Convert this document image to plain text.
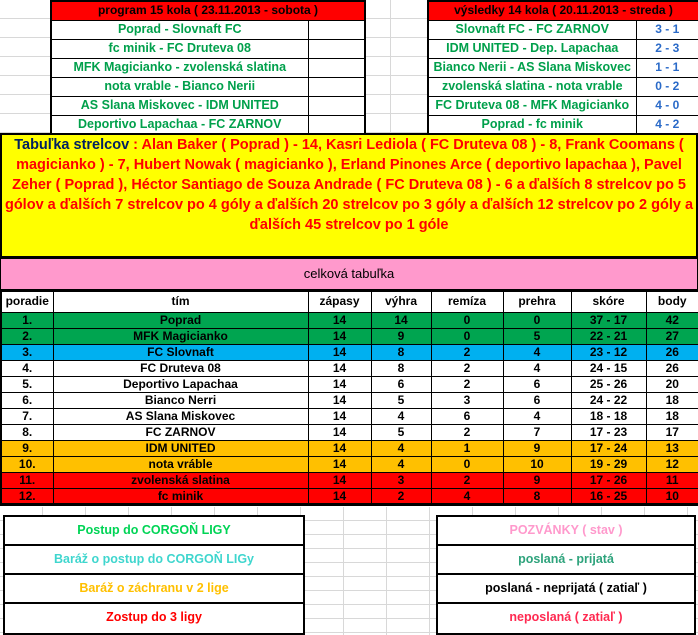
program 15 kola ( 23.11.2013 - sobota )	
Poprad - Slovnaft FC	
fc minik - FC Druteva 08	
MFK Magicianko - zvolenská slatina	
nota vrable - Bianco Nerii	
AS Slana Miskovec - IDM UNITED	
Deportivo Lapachaa - FC ZARNOV	
výsledky 14 kola ( 20.11.2013 - streda )	
Slovnaft FC - FC ZARNOV	3 - 1
IDM UNITED - Dep. Lapachaa	2 - 3
Bianco Nerii - AS Slana Miskovec	1 - 1
zvolenská slatina - nota vrable	0 - 2
FC Druteva 08 - MFK Magicianko	4 - 0
Poprad - fc minik	4 - 2
Tabuľka strelcov : Alan Baker ( Poprad ) - 14, Kasri Lediola ( FC Druteva 08 ) - 8, Frank Coomans ( magicianko ) - 7, Hubert Nowak ( magicianko ), Erland Pinones Arce ( deportivo lapachaa ), Pavel Zeher ( Poprad ), Héctor Santiago de Souza Andrade ( FC Druteva 08 ) - 6 a ďalších 8 strelcov po 5 gólov a ďalších 7 strelcov po 4 góly a ďalších 20 strelcov po 3 góly a ďalších 12 strelcov po 2 góly a ďalších 45 strelcov po 1 góle
celková tabuľka
poradie	tím	zápasy	výhra	remíza	prehra	skóre	body
1.	Poprad	14	14	0	0	37 - 17	42
2.	MFK Magicianko	14	9	0	5	22 - 21	27
3.	FC Slovnaft	14	8	2	4	23 - 12	26
4.	FC Druteva 08	14	8	2	4	24 - 15	26
5.	Deportivo Lapachaa	14	6	2	6	25 - 26	20
6.	Bianco Nerri	14	5	3	6	24 - 22	18
7.	AS Slana Miskovec	14	4	6	4	18 - 18	18
8.	FC ZARNOV	14	5	2	7	17 - 23	17
9.	IDM UNITED	14	4	1	9	17 - 24	13
10.	nota vráble	14	4	0	10	19 - 29	12
11.	zvolenská slatina	14	3	2	9	17 - 26	11
12.	fc minik	14	2	4	8	16 - 25	10
Postup do CORGOŇ LIGY
Baráž o postup do CORGOŇ LIGy
Baráž o záchranu v 2 lige
Zostup do 3 ligy
POZVÁNKY ( stav )
poslaná - prijatá
poslaná - neprijatá ( zatiaľ )
neposlaná ( zatiaľ )
